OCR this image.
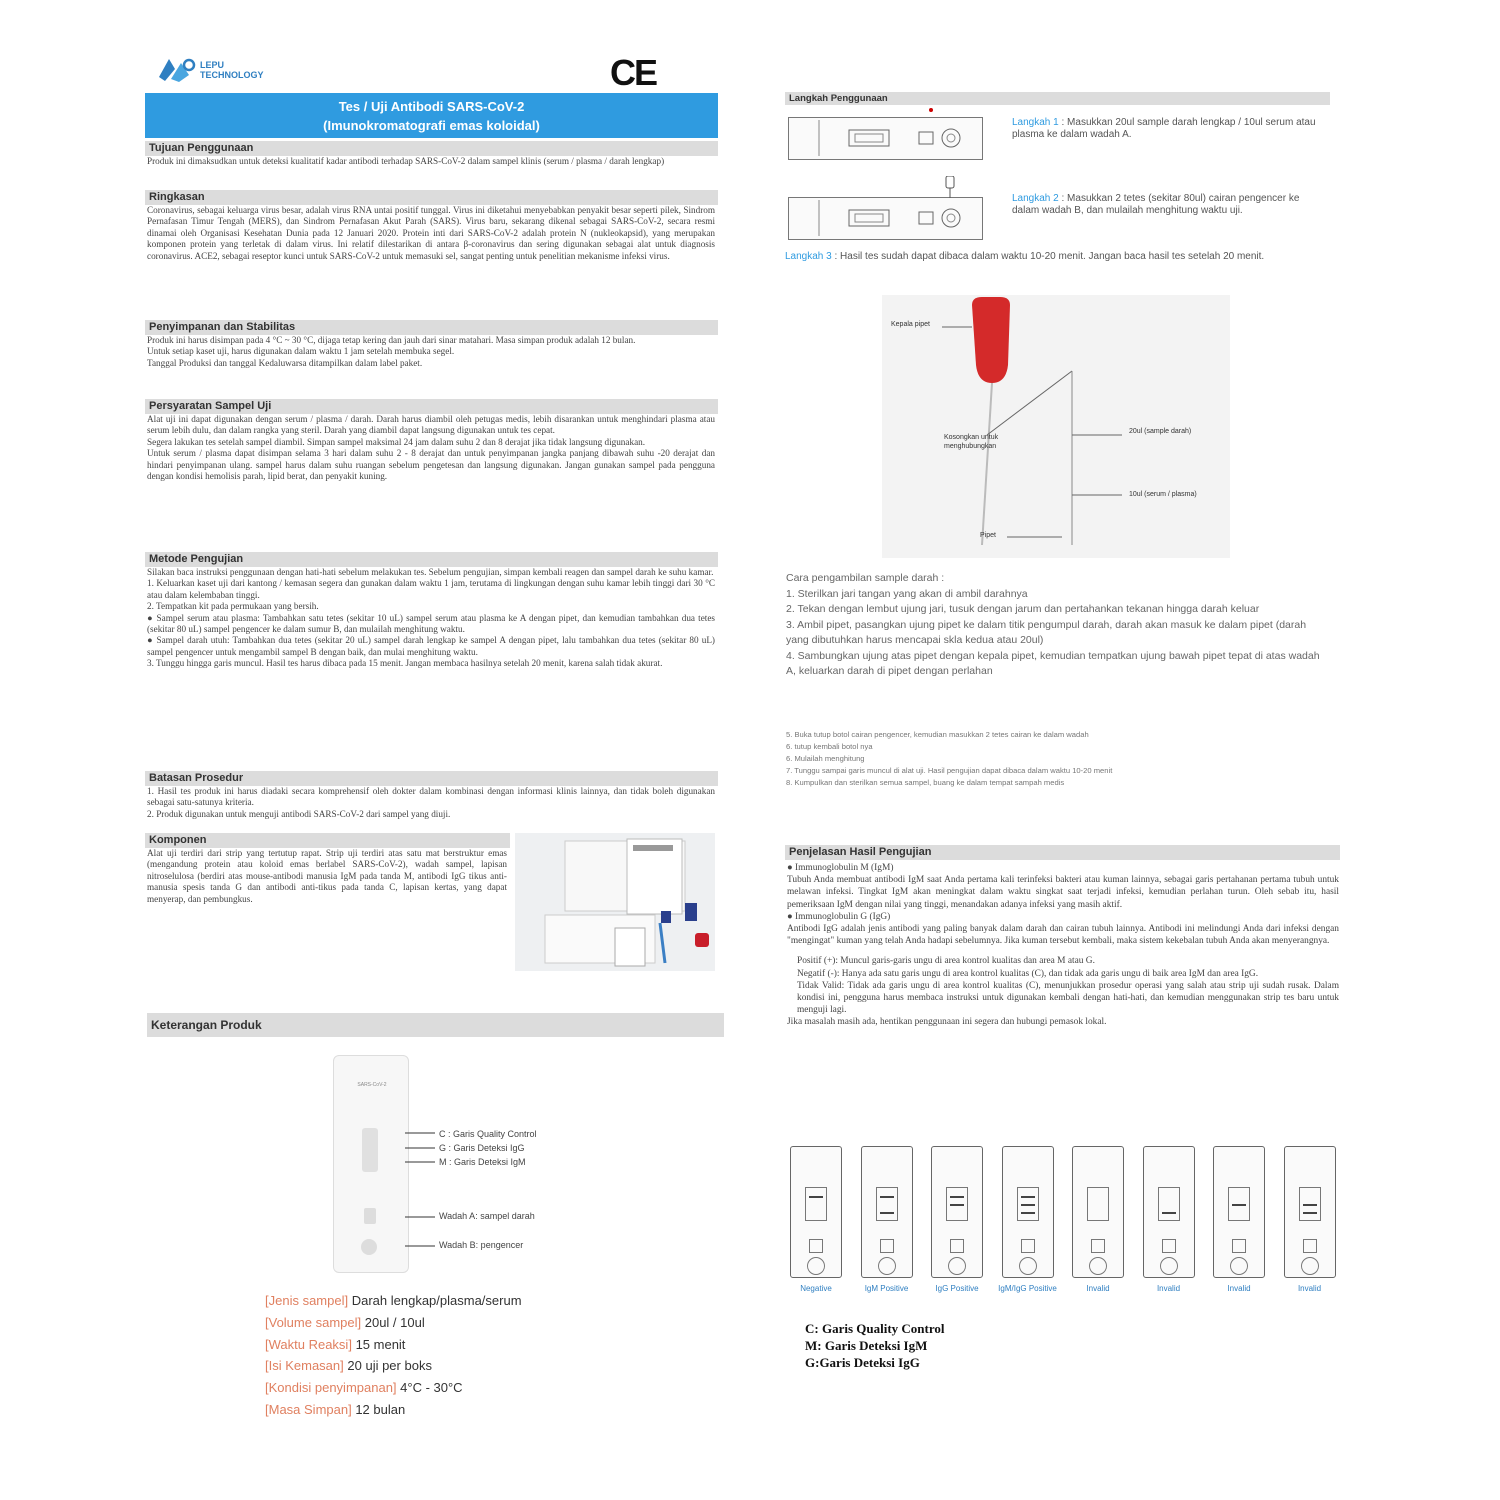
LEPU
TECHNOLOGY	CE
Tes / Uji Antibodi SARS-CoV-2
(Imunokromatografi emas koloidal)
Tujuan Penggunaan
Produk ini dimaksudkan untuk deteksi kualitatif kadar antibodi terhadap SARS-CoV-2 dalam sampel klinis (serum / plasma / darah lengkap)
Ringkasan
Coronavirus, sebagai keluarga virus besar, adalah virus RNA untai positif tunggal. Virus ini diketahui menyebabkan penyakit besar seperti pilek, Sindrom Pernafasan Timur Tengah (MERS), dan Sindrom Pernafasan Akut Parah (SARS). Virus baru, sekarang dikenal sebagai SARS-CoV-2, secara resmi dinamai oleh Organisasi Kesehatan Dunia pada 12 Januari 2020. Protein inti dari SARS-CoV-2 adalah protein N (nukleokapsid), yang merupakan komponen protein yang terletak di dalam virus. Ini relatif dilestarikan di antara β-coronavirus dan sering digunakan sebagai alat untuk diagnosis coronavirus. ACE2, sebagai reseptor kunci untuk SARS-CoV-2 untuk memasuki sel, sangat penting untuk penelitian mekanisme infeksi virus.
Penyimpanan dan Stabilitas

Produk ini harus disimpan pada 4 °C ~ 30 °C, dijaga tetap kering dan jauh dari sinar matahari. Masa simpan produk adalah 12 bulan.

Untuk setiap kaset uji, harus digunakan dalam waktu 1 jam setelah membuka segel.

Tanggal Produksi dan tanggal Kedaluwarsa ditampilkan dalam label paket.

Persyaratan Sampel Uji

Alat uji ini dapat digunakan dengan serum / plasma / darah. Darah harus diambil oleh petugas medis, lebih disarankan untuk menghindari plasma atau serum lebih dulu, dan dalam rangka yang steril. Darah yang diambil dapat langsung digunakan untuk tes cepat.

Segera lakukan tes setelah sampel diambil. Simpan sampel maksimal 24 jam dalam suhu 2 dan 8 derajat jika tidak langsung digunakan.

Untuk serum / plasma dapat disimpan selama 3 hari dalam suhu 2 - 8 derajat dan untuk penyimpanan jangka panjang dibawah suhu -20 derajat dan hindari penyimpanan ulang. sampel harus dalam suhu ruangan sebelum pengetesan dan langsung digunakan. Jangan gunakan sampel pada pengguna dengan kondisi hemolisis parah, lipid berat, dan penyakit kuning.

Metode Pengujian

Silakan baca instruksi penggunaan dengan hati-hati sebelum melakukan tes. Sebelum pengujian, simpan kembali reagen dan sampel darah ke suhu kamar.

1. Keluarkan kaset uji dari kantong / kemasan segera dan gunakan dalam waktu 1 jam, terutama di lingkungan dengan suhu kamar lebih tinggi dari 30 °C atau dalam kelembaban tinggi.

2. Tempatkan kit pada permukaan yang bersih.

● Sampel serum atau plasma: Tambahkan satu tetes (sekitar 10 uL) sampel serum atau plasma ke A dengan pipet, dan kemudian tambahkan dua tetes (sekitar 80 uL) sampel pengencer ke dalam sumur B, dan mulailah menghitung waktu.

● Sampel darah utuh: Tambahkan dua tetes (sekitar 20 uL) sampel darah lengkap ke sampel A dengan pipet, lalu tambahkan dua tetes (sekitar 80 uL) sampel pengencer untuk mengambil sampel B dengan baik, dan mulai menghitung waktu.

3. Tunggu hingga garis muncul. Hasil tes harus dibaca pada 15 menit. Jangan membaca hasilnya setelah 20 menit, karena salah tidak akurat.

Batasan Prosedur

1. Hasil tes produk ini harus diadaki secara komprehensif oleh dokter dalam kombinasi dengan informasi klinis lainnya, dan tidak boleh digunakan sebagai satu-satunya kriteria.

2. Produk digunakan untuk menguji antibodi SARS-CoV-2 dari sampel yang diuji.

Komponen
Alat uji terdiri dari strip yang tertutup rapat. Strip uji terdiri atas satu mat berstruktur emas (mengandung protein atau koloid emas berlabel SARS-CoV-2), wadah sampel, lapisan nitroselulosa (berdiri atas mouse-antibodi manusia IgM pada tanda M, antibodi IgG tikus anti-manusia spesis tanda G dan antibodi anti-tikus pada tanda C, lapisan kertas, yang dapat menyerap, dan pembungkus.
Keterangan Produk
SARS-CoV-2
C : Garis Quality Control
G : Garis Deteksi IgG
M : Garis Deteksi IgM
Wadah A: sampel darah
Wadah B: pengencer
[Jenis sampel] Darah lengkap/plasma/serum
[Volume sampel] 20ul / 10ul
[Waktu Reaksi] 15 menit
[Isi Kemasan] 20 uji per boks
[Kondisi penyimpanan] 4°C - 30°C
[Masa Simpan] 12 bulan
Langkah Penggunaan
Langkah 1 : Masukkan 20ul sample darah lengkap / 10ul serum atau plasma ke dalam wadah A.
Langkah 2 : Masukkan 2 tetes (sekitar 80ul) cairan pengencer ke dalam wadah B, dan mulailah menghitung waktu uji.
Langkah 3 : Hasil tes sudah dapat dibaca dalam waktu 10-20 menit. Jangan baca hasil tes setelah 20 menit.
Kepala pipet
Kosongkan untuk menghubungkan
20ul (sample darah)
10ul (serum / plasma)
Pipet
Cara pengambilan sample darah :
1. Sterilkan jari tangan yang akan di ambil darahnya
2. Tekan dengan lembut ujung jari, tusuk dengan jarum dan pertahankan tekanan hingga darah keluar
3. Ambil pipet, pasangkan ujung pipet ke dalam titik pengumpul darah, darah akan masuk ke dalam pipet (darah yang dibutuhkan harus mencapai skla kedua atau 20ul)
4. Sambungkan ujung atas pipet dengan kepala pipet, kemudian tempatkan ujung bawah pipet tepat di atas wadah A, keluarkan darah di pipet dengan perlahan
5. Buka tutup botol cairan pengencer, kemudian masukkan 2 tetes cairan ke dalam wadah
6. tutup kembali botol nya
6. Mulailah menghitung
7. Tunggu sampai garis muncul di alat uji. Hasil pengujian dapat dibaca dalam waktu 10-20 menit
8. Kumpulkan dan sterilkan semua sampel, buang ke dalam tempat sampah medis
Penjelasan Hasil Pengujian

● Immunoglobulin M (IgM)

Tubuh Anda membuat antibodi IgM saat Anda pertama kali terinfeksi bakteri atau kuman lainnya, sebagai garis pertahanan pertama tubuh untuk melawan infeksi. Tingkat IgM akan meningkat dalam waktu singkat saat terjadi infeksi, kemudian perlahan turun. Oleh sebab itu, hasil pemeriksaan IgM dengan nilai yang tinggi, menandakan adanya infeksi yang masih aktif.

● Immunoglobulin G (IgG)

Antibodi IgG adalah jenis antibodi yang paling banyak dalam darah dan cairan tubuh lainnya. Antibodi ini melindungi Anda dari infeksi dengan "mengingat" kuman yang telah Anda hadapi sebelumnya. Jika kuman tersebut kembali, maka sistem kekebalan tubuh Anda akan menyerangnya.

Positif (+): Muncul garis-garis ungu di area kontrol kualitas dan area M atau G.

Negatif (-): Hanya ada satu garis ungu di area kontrol kualitas (C), dan tidak ada garis ungu di baik area IgM dan area IgG.

Tidak Valid: Tidak ada garis ungu di area kontrol kualitas (C), menunjukkan prosedur operasi yang salah atau strip uji sudah rusak. Dalam kondisi ini, pengguna harus membaca instruksi untuk digunakan kembali dengan hati-hati, dan kemudian menggunakan strip tes baru untuk menguji lagi.

Jika masalah masih ada, hentikan penggunaan ini segera dan hubungi pemasok lokal.

Negative	IgM Positive	IgG Positive	IgM/IgG Positive	Invalid	Invalid	Invalid	Invalid
C: Garis Quality Control
M: Garis Deteksi IgM
G:Garis Deteksi IgG
